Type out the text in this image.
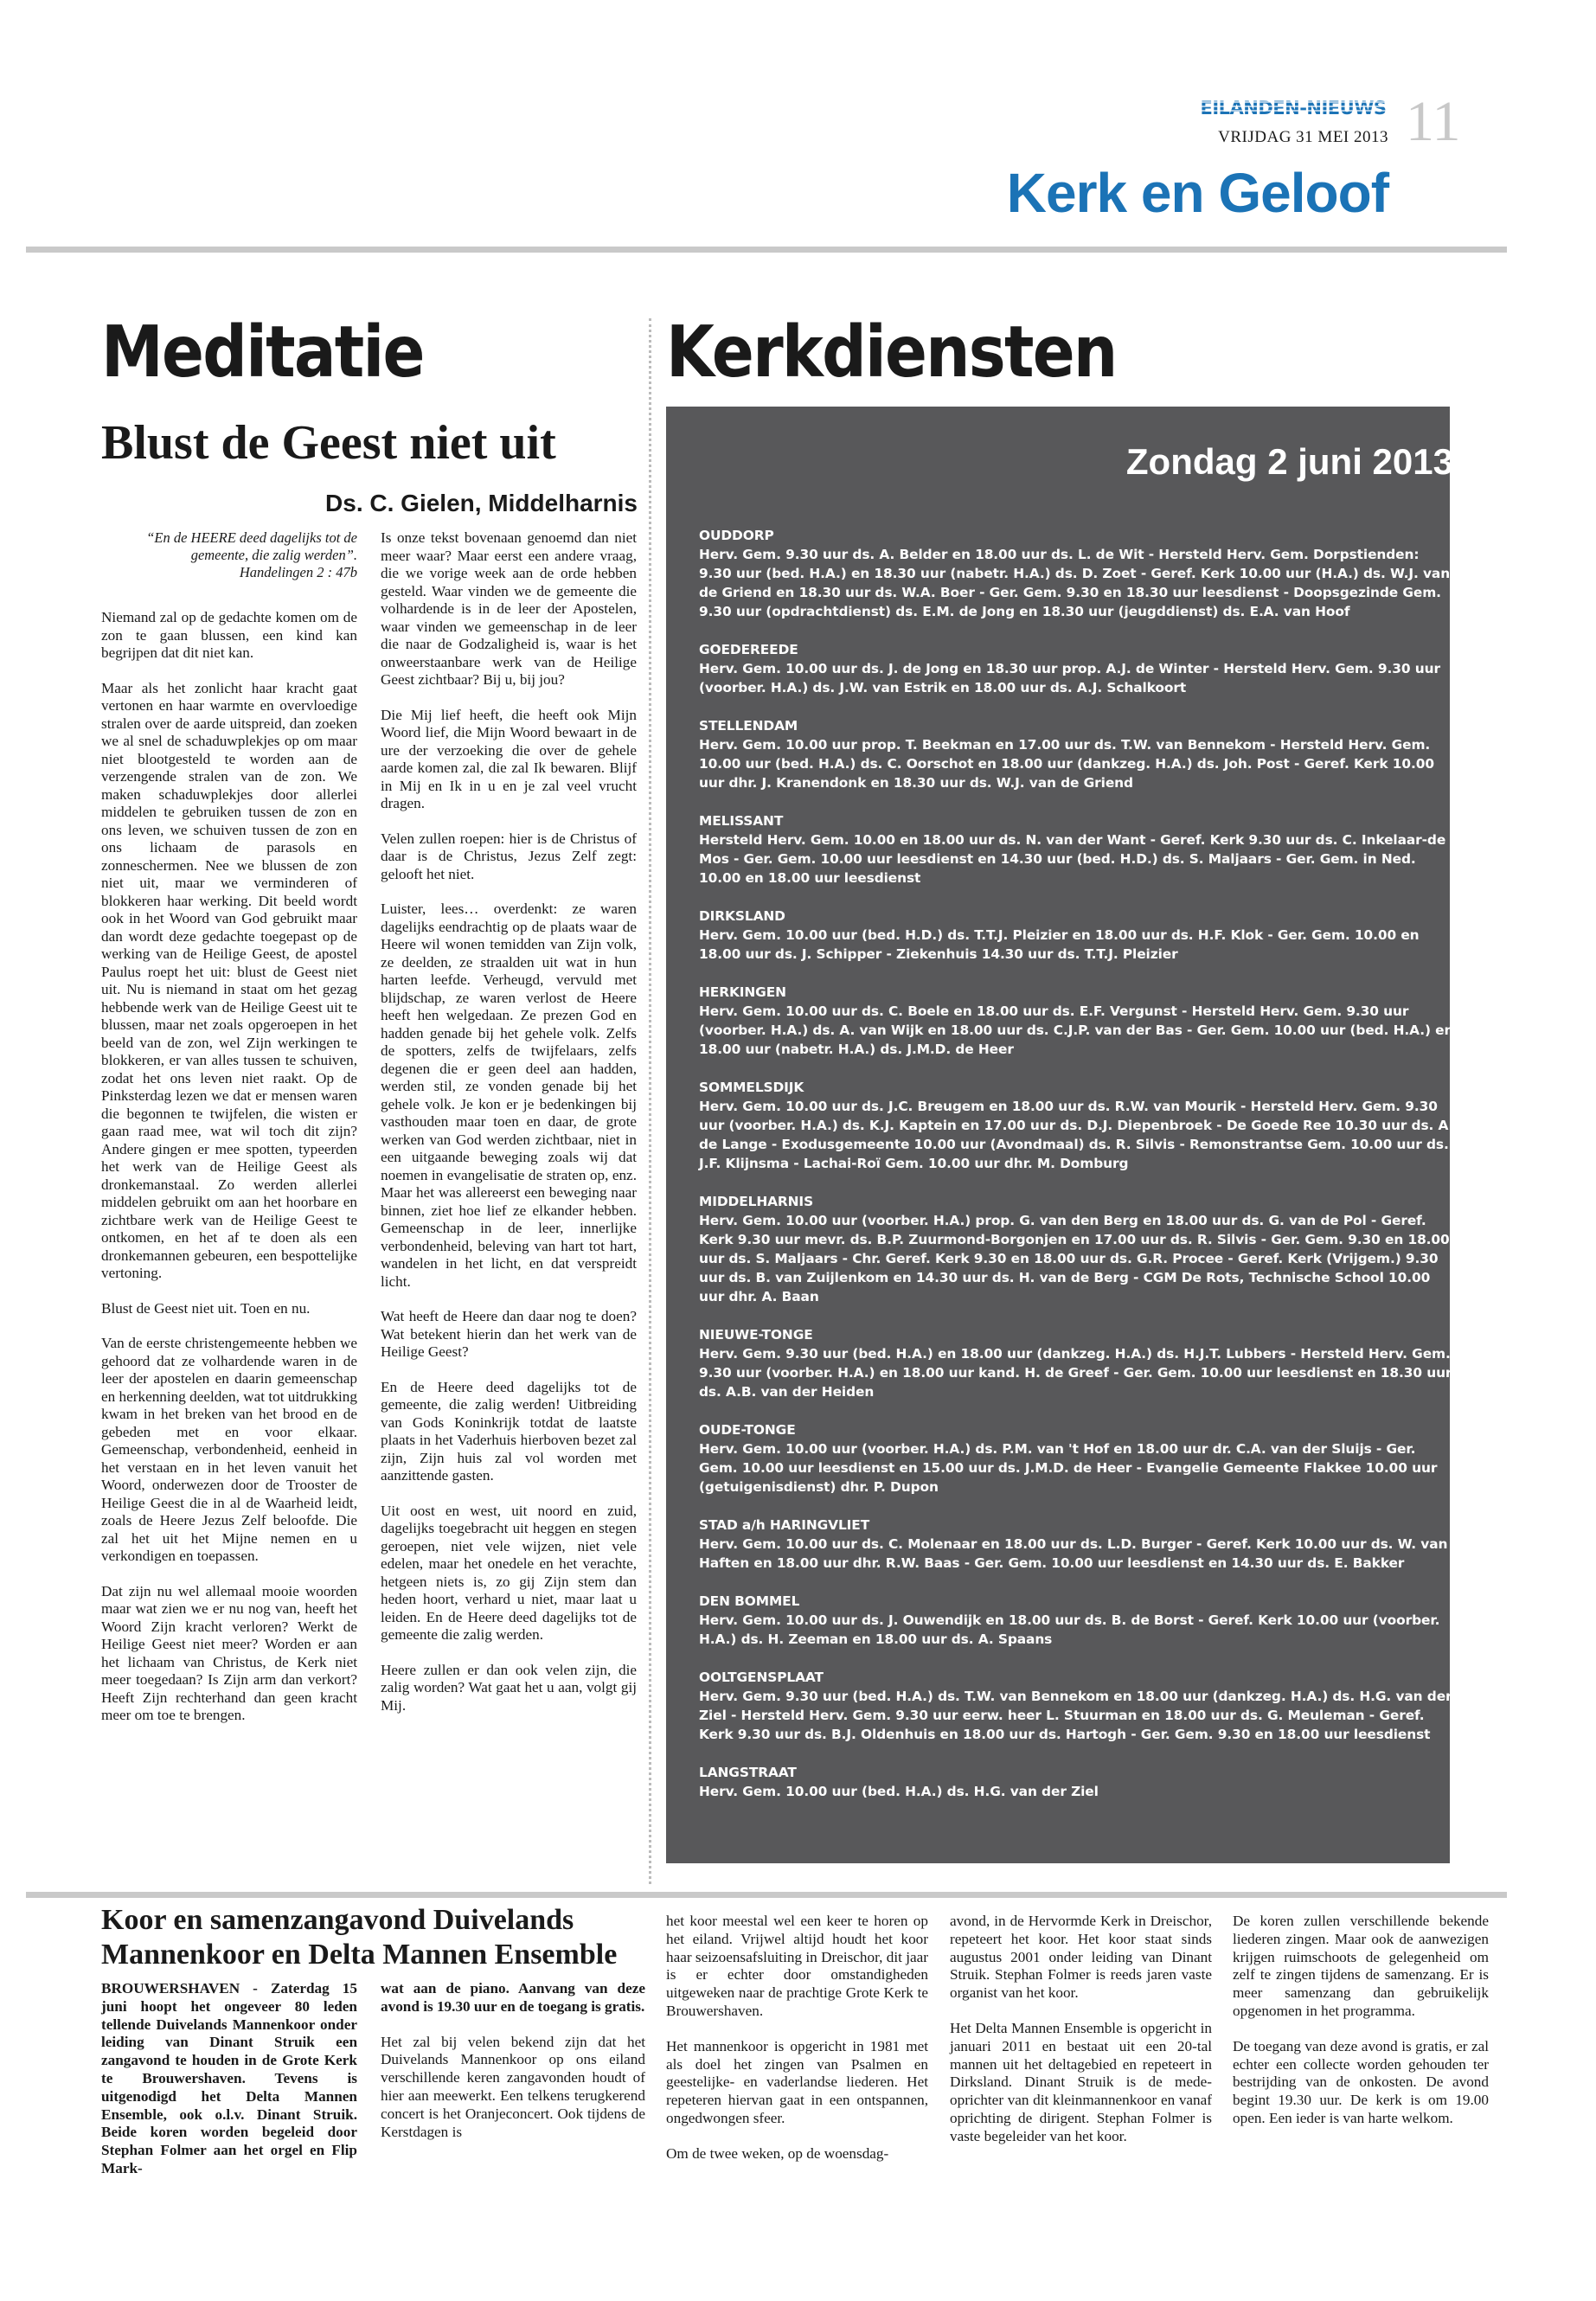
EILANDEN-NIEUWS
VRIJDAG 31 MEI 2013 11
Kerk en Geloof
Meditatie
Blust de Geest niet uit
Ds. C. Gielen, Middelharnis
“En de HEERE deed dagelijks tot de gemeente, die zalig werden”.
Handelingen 2 : 47b

Niemand zal op de gedachte komen om de zon te gaan blussen, een kind kan begrijpen dat dit niet kan.

Maar als het zonlicht haar kracht gaat vertonen en haar warmte en overvloedige stralen over de aarde uitspreid, dan zoeken we al snel de schaduwplekjes op om maar niet blootgesteld te worden aan de verzengende stralen van de zon. We maken schaduwplekjes door allerlei middelen te gebruiken tussen de zon en ons leven, we schuiven tussen de zon en ons lichaam de parasols en zonneschermen. Nee we blussen de zon niet uit, maar we verminderen of blokkeren haar werking. Dit beeld wordt ook in het Woord van God gebruikt maar dan wordt deze gedachte toegepast op de werking van de Heilige Geest, de apostel Paulus roept het uit: blust de Geest niet uit. Nu is niemand in staat om het gezag hebbende werk van de Heilige Geest uit te blussen, maar net zoals opgeroepen in het beeld van de zon, wel Zijn werkingen te blokkeren, er van alles tussen te schuiven, zodat het ons leven niet raakt. Op de Pinksterdag lezen we dat er mensen waren die begonnen te twijfelen, die wisten er gaan raad mee, wat wil toch dit zijn? Andere gingen er mee spotten, typeerden het werk van de Heilige Geest als dronkemanstaal. Zo werden allerlei middelen gebruikt om aan het hoorbare en zichtbare werk van de Heilige Geest te ontkomen, en het af te doen als een dronkemannen gebeuren, een bespottelijke vertoning.

Blust de Geest niet uit. Toen en nu.

Van de eerste christengemeente hebben we gehoord dat ze volhardende waren in de leer der apostelen en daarin gemeenschap en herkenning deelden, wat tot uitdrukking kwam in het breken van het brood en de gebeden met en voor elkaar. Gemeenschap, verbondenheid, eenheid in het verstaan en in het leven vanuit het Woord, onderwezen door de Trooster de Heilige Geest die in al de Waarheid leidt, zoals de Heere Jezus Zelf beloofde. Die zal het uit het Mijne nemen en u verkondigen en toepassen.

Dat zijn nu wel allemaal mooie woorden maar wat zien we er nu nog van, heeft het Woord Zijn kracht verloren? Werkt de Heilige Geest niet meer? Worden er aan het lichaam van Christus, de Kerk niet meer toegedaan? Is Zijn arm dan verkort? Heeft Zijn rechterhand dan geen kracht meer om toe te brengen.

Is onze tekst bovenaan genoemd dan niet meer waar? Maar eerst een andere vraag, die we vorige week aan de orde hebben gesteld. Waar vinden we de gemeente die volhardende is in de leer der Apostelen, waar vinden we gemeenschap in de leer die naar de Godzaligheid is, waar is het onweerstaanbare werk van de Heilige Geest zichtbaar? Bij u, bij jou?

Die Mij lief heeft, die heeft ook Mijn Woord lief, die Mijn Woord bewaart in de ure der verzoeking die over de gehele aarde komen zal, die zal Ik bewaren. Blijf in Mij en Ik in u en je zal veel vrucht dragen.

Velen zullen roepen: hier is de Christus of daar is de Christus, Jezus Zelf zegt: gelooft het niet.

Luister, lees… overdenkt: ze waren dagelijks eendrachtig op de plaats waar de Heere wil wonen temidden van Zijn volk, ze deelden, ze straalden uit wat in hun harten leefde. Verheugd, vervuld met blijdschap, ze waren verlost de Heere heeft hen welgedaan. Ze prezen God en hadden genade bij het gehele volk. Zelfs de spotters, zelfs de twijfelaars, zelfs degenen die er geen deel aan hadden, werden stil, ze vonden genade bij het gehele volk. Je kon er je bedenkingen bij vasthouden maar toen en daar, de grote werken van God werden zichtbaar, niet in een uitgaande beweging zoals wij dat noemen in evangelisatie de straten op, enz. Maar het was allereerst een beweging naar binnen, ziet hoe lief ze elkander hebben. Gemeenschap in de leer, innerlijke verbondenheid, beleving van hart tot hart, wandelen in het licht, en dat verspreidt licht.

Wat heeft de Heere dan daar nog te doen? Wat betekent hierin dan het werk van de Heilige Geest?

En de Heere deed dagelijks tot de gemeente, die zalig werden! Uitbreiding van Gods Koninkrijk totdat de laatste plaats in het Vaderhuis hierboven bezet zal zijn, Zijn huis zal vol worden met aanzittende gasten.

Uit oost en west, uit noord en zuid, dagelijks toegebracht uit heggen en stegen geroepen, niet vele wijzen, niet vele edelen, maar het onedele en het verachte, hetgeen niets is, zo gij Zijn stem dan heden hoort, verhard u niet, maar laat u leiden. En de Heere deed dagelijks tot de gemeente die zalig werden.

Heere zullen er dan ook velen zijn, die zalig worden? Wat gaat het u aan, volgt gij Mij.

Kerkdiensten
Zondag 2 juni 2013
OUDDORP
Herv. Gem. 9.30 uur ds. A. Belder en 18.00 uur ds. L. de Wit - Hersteld Herv. Gem. Dorpstienden: 9.30 uur (bed. H.A.) en 18.30 uur (nabetr. H.A.) ds. D. Zoet - Geref. Kerk 10.00 uur (H.A.) ds. W.J. van de Griend en 18.30 uur ds. W.A. Boer - Ger. Gem. 9.30 en 18.30 uur leesdienst - Doopsgezinde Gem. 9.30 uur (opdrachtdienst) ds. E.M. de Jong en 18.30 uur (jeugddienst) ds. E.A. van Hoof
GOEDEREEDE
Herv. Gem. 10.00 uur ds. J. de Jong en 18.30 uur prop. A.J. de Winter - Hersteld Herv. Gem. 9.30 uur (voorber. H.A.) ds. J.W. van Estrik en 18.00 uur ds. A.J. Schalkoort
STELLENDAM
Herv. Gem. 10.00 uur prop. T. Beekman en 17.00 uur ds. T.W. van Bennekom - Hersteld Herv. Gem. 10.00 uur (bed. H.A.) ds. C. Oorschot en 18.00 uur (dankzeg. H.A.) ds. Joh. Post - Geref. Kerk 10.00 uur dhr. J. Kranendonk en 18.30 uur ds. W.J. van de Griend
MELISSANT
Hersteld Herv. Gem. 10.00 en 18.00 uur ds. N. van der Want - Geref. Kerk 9.30 uur ds. C. Inkelaar-de Mos - Ger. Gem. 10.00 uur leesdienst en 14.30 uur (bed. H.D.) ds. S. Maljaars - Ger. Gem. in Ned. 10.00 en 18.00 uur leesdienst
DIRKSLAND
Herv. Gem. 10.00 uur (bed. H.D.) ds. T.T.J. Pleizier en 18.00 uur ds. H.F. Klok - Ger. Gem. 10.00 en 18.00 uur ds. J. Schipper - Ziekenhuis 14.30 uur ds. T.T.J. Pleizier
HERKINGEN
Herv. Gem. 10.00 uur ds. C. Boele en 18.00 uur ds. E.F. Vergunst - Hersteld Herv. Gem. 9.30 uur (voorber. H.A.) ds. A. van Wijk en 18.00 uur ds. C.J.P. van der Bas - Ger. Gem. 10.00 uur (bed. H.A.) en 18.00 uur (nabetr. H.A.) ds. J.M.D. de Heer
SOMMELSDIJK
Herv. Gem. 10.00 uur ds. J.C. Breugem en 18.00 uur ds. R.W. van Mourik - Hersteld Herv. Gem. 9.30 uur (voorber. H.A.) ds. K.J. Kaptein en 17.00 uur ds. D.J. Diepenbroek - De Goede Ree 10.30 uur ds. A. de Lange - Exodusgemeente 10.00 uur (Avondmaal) ds. R. Silvis - Remonstrantse Gem. 10.00 uur ds. J.F. Klijnsma - Lachai-Roï Gem. 10.00 uur dhr. M. Domburg
MIDDELHARNIS
Herv. Gem. 10.00 uur (voorber. H.A.) prop. G. van den Berg en 18.00 uur ds. G. van de Pol - Geref. Kerk 9.30 uur mevr. ds. B.P. Zuurmond-Borgonjen en 17.00 uur ds. R. Silvis - Ger. Gem. 9.30 en 18.00 uur ds. S. Maljaars - Chr. Geref. Kerk 9.30 en 18.00 uur ds. G.R. Procee - Geref. Kerk (Vrijgem.) 9.30 uur ds. B. van Zuijlenkom en 14.30 uur ds. H. van de Berg - CGM De Rots, Technische School 10.00 uur dhr. A. Baan
NIEUWE-TONGE
Herv. Gem. 9.30 uur (bed. H.A.) en 18.00 uur (dankzeg. H.A.) ds. H.J.T. Lubbers - Hersteld Herv. Gem. 9.30 uur (voorber. H.A.) en 18.00 uur kand. H. de Greef - Ger. Gem. 10.00 uur leesdienst en 18.30 uur ds. A.B. van der Heiden
OUDE-TONGE
Herv. Gem. 10.00 uur (voorber. H.A.) ds. P.M. van 't Hof en 18.00 uur dr. C.A. van der Sluijs - Ger. Gem. 10.00 uur leesdienst en 15.00 uur ds. J.M.D. de Heer - Evangelie Gemeente Flakkee 10.00 uur (getuigenisdienst) dhr. P. Dupon
STAD a/h HARINGVLIET
Herv. Gem. 10.00 uur ds. C. Molenaar en 18.00 uur ds. L.D. Burger - Geref. Kerk 10.00 uur ds. W. van Haften en 18.00 uur dhr. R.W. Baas - Ger. Gem. 10.00 uur leesdienst en 14.30 uur ds. E. Bakker
DEN BOMMEL
Herv. Gem. 10.00 uur ds. J. Ouwendijk en 18.00 uur ds. B. de Borst - Geref. Kerk 10.00 uur (voorber. H.A.) ds. H. Zeeman en 18.00 uur ds. A. Spaans
OOLTGENSPLAAT
Herv. Gem. 9.30 uur (bed. H.A.) ds. T.W. van Bennekom en 18.00 uur (dankzeg. H.A.) ds. H.G. van der Ziel - Hersteld Herv. Gem. 9.30 uur eerw. heer L. Stuurman en 18.00 uur ds. G. Meuleman - Geref. Kerk 9.30 uur ds. B.J. Oldenhuis en 18.00 uur ds. Hartogh - Ger. Gem. 9.30 en 18.00 uur leesdienst
LANGSTRAAT
Herv. Gem. 10.00 uur (bed. H.A.) ds. H.G. van der Ziel
Koor en samenzangavond Duivelands Mannenkoor en Delta Mannen Ensemble

BROUWERSHAVEN - Zaterdag 15 juni hoopt het ongeveer 80 leden tellende Duivelands Mannenkoor onder leiding van Dinant Struik een zangavond te houden in de Grote Kerk te Brouwershaven. Tevens is uitgenodigd het Delta Mannen Ensemble, ook o.l.v. Dinant Struik. Beide koren worden begeleid door Stephan Folmer aan het orgel en Flip Mark-

wat aan de piano. Aanvang van deze avond is 19.30 uur en de toegang is gratis.

Het zal bij velen bekend zijn dat het Duivelands Mannenkoor op ons eiland verschillende keren zangavonden houdt of hier aan meewerkt. Een telkens terugkerend concert is het Oranjeconcert. Ook tijdens de Kerstdagen is

het koor meestal wel een keer te horen op het eiland. Vrijwel altijd houdt het koor haar seizoensafsluiting in Dreischor, dit jaar is er echter door omstandigheden uitgeweken naar de prachtige Grote Kerk te Brouwershaven.

Het mannenkoor is opgericht in 1981 met als doel het zingen van Psalmen en geestelijke- en vaderlandse liederen. Het repeteren hiervan gaat in een ontspannen, ongedwongen sfeer.

Om de twee weken, op de woensdag-

avond, in de Hervormde Kerk in Dreischor, repeteert het koor. Het koor staat sinds augustus 2001 onder leiding van Dinant Struik. Stephan Folmer is reeds jaren vaste organist van het koor.

Het Delta Mannen Ensemble is opgericht in januari 2011 en bestaat uit een 20-tal mannen uit het deltagebied en repeteert in Dirksland. Dinant Struik is de mede-oprichter van dit kleinmannenkoor en vanaf oprichting de dirigent. Stephan Folmer is vaste begeleider van het koor.

De koren zullen verschillende bekende liederen zingen. Maar ook de aanwezigen krijgen ruimschoots de gelegenheid om zelf te zingen tijdens de samenzang. Er is meer samenzang dan gebruikelijk opgenomen in het programma.

De toegang van deze avond is gratis, er zal echter een collecte worden gehouden ter bestrijding van de onkosten. De avond begint 19.30 uur. De kerk is om 19.00 open. Een ieder is van harte welkom.
